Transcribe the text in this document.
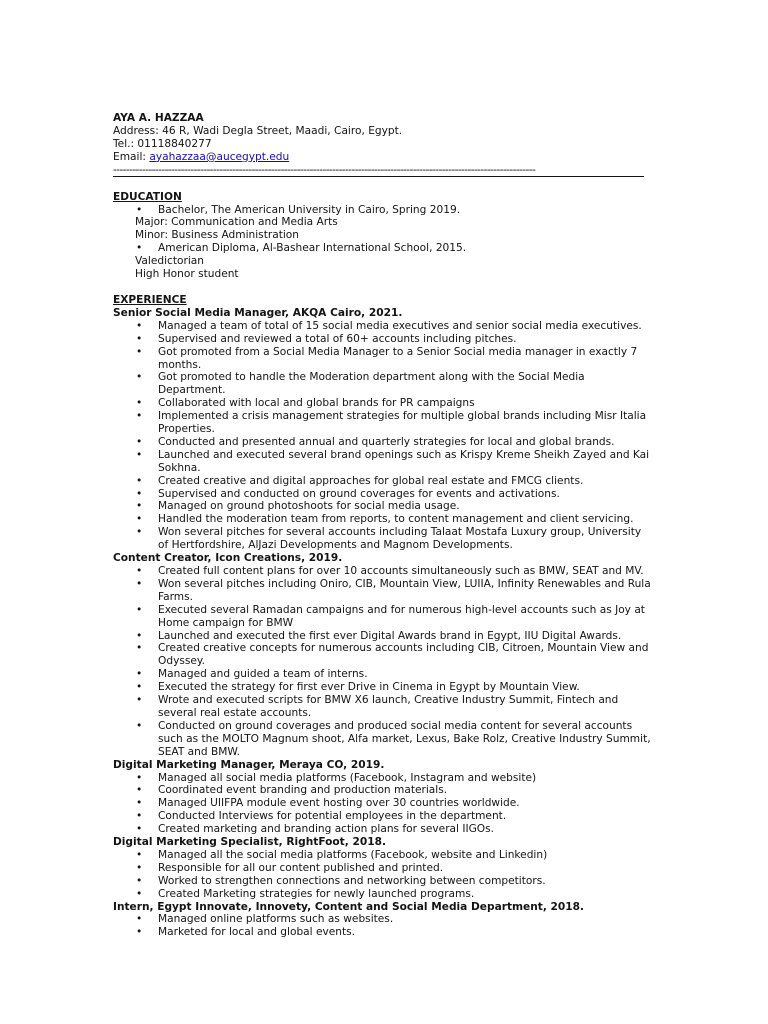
AYA A. HAZZAA
Address: 46 R, Wadi Degla Street, Maadi, Cairo, Egypt.
Tel.: 01118840277
Email: ayahazzaa@aucegypt.edu
-----------------------------------------------------------------------------------------------------------------------------------
EDUCATION
• Bachelor, The American University in Cairo, Spring 2019.
Major: Communication and Media Arts
Minor: Business Administration
• American Diploma, Al-Bashear International School, 2015.
Valedictorian
High Honor student
EXPERIENCE
Senior Social Media Manager, AKQA Cairo, 2021.
• Managed a team of total of 15 social media executives and senior social media executives.
• Supervised and reviewed a total of 60+ accounts including pitches.
• Got promoted from a Social Media Manager to a Senior Social media manager in exactly 7 months.
• Got promoted to handle the Moderation department along with the Social Media Department.
• Collaborated with local and global brands for PR campaigns
• Implemented a crisis management strategies for multiple global brands including Misr Italia Properties.
• Conducted and presented annual and quarterly strategies for local and global brands.
• Launched and executed several brand openings such as Krispy Kreme Sheikh Zayed and Kai Sokhna.
• Created creative and digital approaches for global real estate and FMCG clients.
• Supervised and conducted on ground coverages for events and activations.
• Managed on ground photoshoots for social media usage.
• Handled the moderation team from reports, to content management and client servicing.
• Won several pitches for several accounts including Talaat Mostafa Luxury group, University of Hertfordshire, AlJazi Developments and Magnom Developments.
Content Creator, Icon Creations, 2019.
• Created full content plans for over 10 accounts simultaneously such as BMW, SEAT and MV.
• Won several pitches including Oniro, CIB, Mountain View, LUIIA, Infinity Renewables and Rula Farms.
• Executed several Ramadan campaigns and for numerous high-level accounts such as Joy at Home campaign for BMW
• Launched and executed the first ever Digital Awards brand in Egypt, IIU Digital Awards.
• Created creative concepts for numerous accounts including CIB, Citroen, Mountain View and Odyssey.
• Managed and guided a team of interns.
• Executed the strategy for first ever Drive in Cinema in Egypt by Mountain View.
• Wrote and executed scripts for BMW X6 launch, Creative Industry Summit, Fintech and several real estate accounts.
• Conducted on ground coverages and produced social media content for several accounts such as the MOLTO Magnum shoot, Alfa market, Lexus, Bake Rolz, Creative Industry Summit, SEAT and BMW.
Digital Marketing Manager, Meraya CO, 2019.
• Managed all social media platforms (Facebook, Instagram and website)
• Coordinated event branding and production materials.
• Managed UIIFPA module event hosting over 30 countries worldwide.
• Conducted Interviews for potential employees in the department.
• Created marketing and branding action plans for several IIGOs.
Digital Marketing Specialist, RightFoot, 2018.
• Managed all the social media platforms (Facebook, website and Linkedin)
• Responsible for all our content published and printed.
• Worked to strengthen connections and networking between competitors.
• Created Marketing strategies for newly launched programs.
Intern, Egypt Innovate, Innovety, Content and Social Media Department, 2018.
• Managed online platforms such as websites.
• Marketed for local and global events.
